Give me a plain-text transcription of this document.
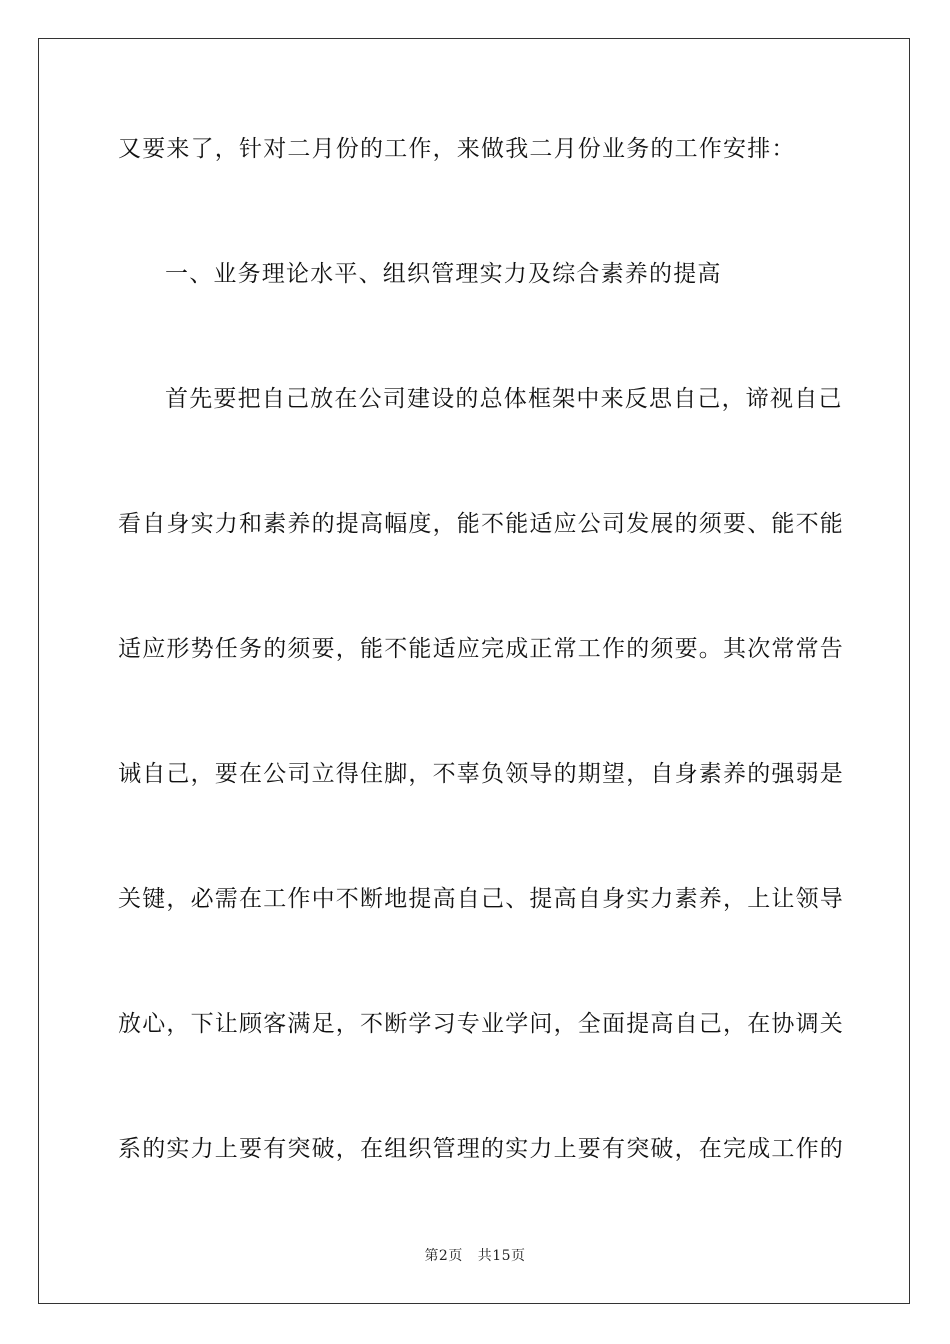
又要来了，针对二月份的工作，来做我二月份业务的工作安排：
一、业务理论水平、组织管理实力及综合素养的提高
首先要把自己放在公司建设的总体框架中来反思自己，谛视自己
看自身实力和素养的提高幅度，能不能适应公司发展的须要、能不能
适应形势任务的须要，能不能适应完成正常工作的须要。其次常常告
诫自己，要在公司立得住脚，不辜负领导的期望，自身素养的强弱是
关键，必需在工作中不断地提高自己、提高自身实力素养，上让领导
放心，下让顾客满足，不断学习专业学问，全面提高自己，在协调关
系的实力上要有突破，在组织管理的实力上要有突破，在完成工作的
第2页 共15页
